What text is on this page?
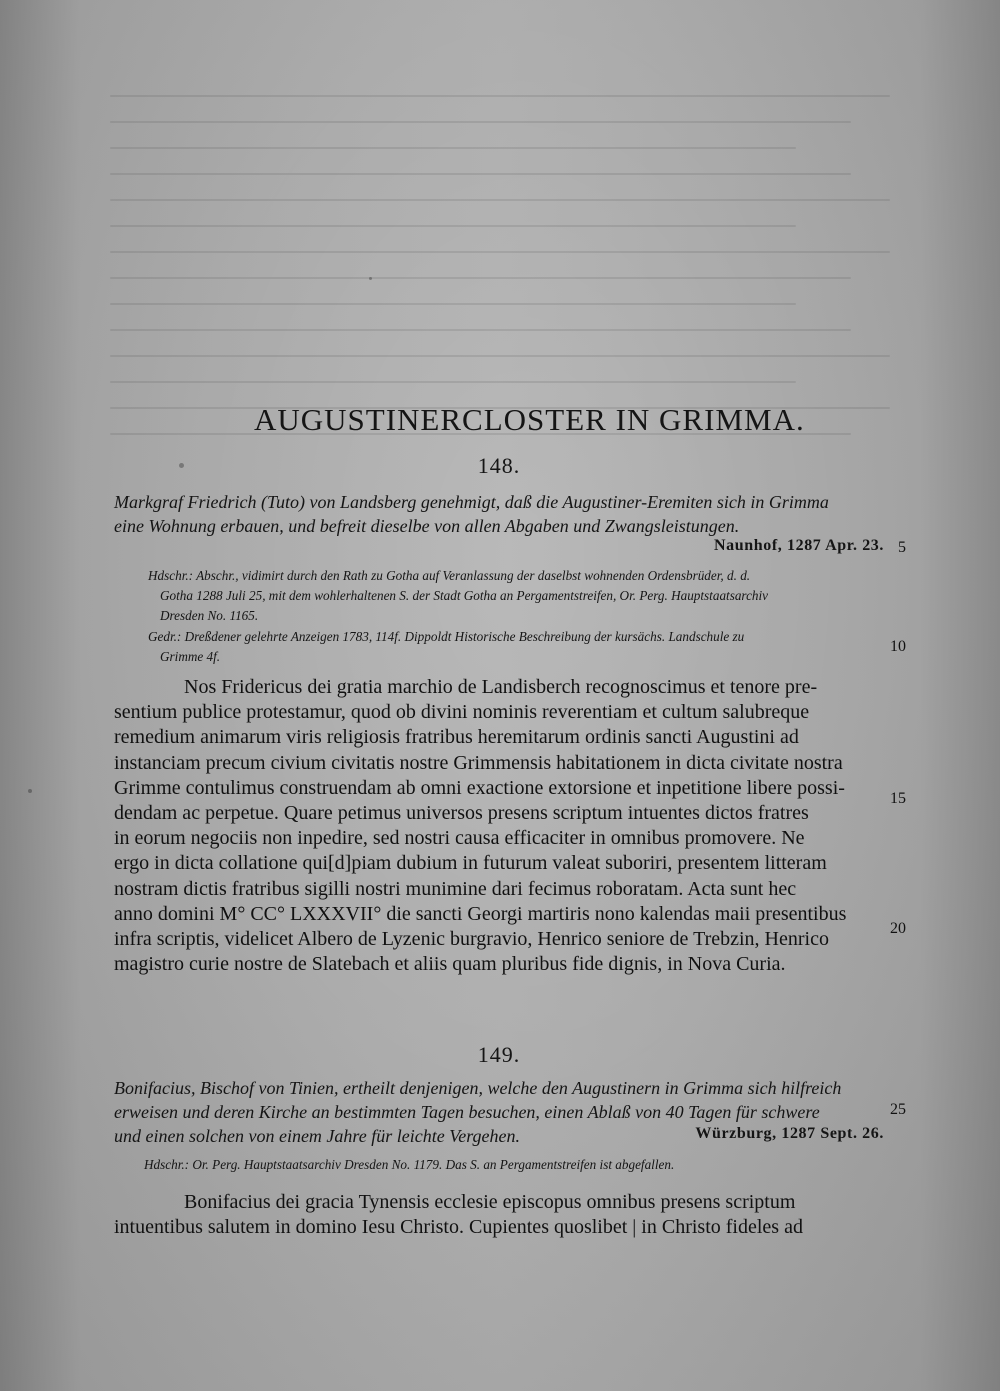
AUGUSTINERCLOSTER IN GRIMMA.
148.
Markgraf Friedrich (Tuto) von Landsberg genehmigt, daß die Augustiner-Eremiten sich in Grimma
eine Wohnung erbauen, und befreit dieselbe von allen Abgaben und Zwangsleistungen.
Naunhof, 1287 Apr. 23.
Hdschr.: Abschr., vidimirt durch den Rath zu Gotha auf Veranlassung der daselbst wohnenden Ordensbrüder, d. d.
Gotha 1288 Juli 25, mit dem wohlerhaltenen S. der Stadt Gotha an Pergamentstreifen, Or. Perg. Hauptstaatsarchiv
Dresden No. 1165.
Gedr.: Dreßdener gelehrte Anzeigen 1783, 114f. Dippoldt Historische Beschreibung der kursächs. Landschule zu
Grimme 4f.
Nos Fridericus dei gratia marchio de Landisberch recognoscimus et tenore pre-
sentium publice protestamur, quod ob divini nominis reverentiam et cultum salubreque
remedium animarum viris religiosis fratribus heremitarum ordinis sancti Augustini ad
instanciam precum civium civitatis nostre Grimmensis habitationem in dicta civitate nostra
Grimme contulimus construendam ab omni exactione extorsione et inpetitione libere possi-
dendam ac perpetue. Quare petimus universos presens scriptum intuentes dictos fratres
in eorum negociis non inpedire, sed nostri causa efficaciter in omnibus promovere. Ne
ergo in dicta collatione qui[d]piam dubium in futurum valeat suboriri, presentem litteram
nostram dictis fratribus sigilli nostri munimine dari fecimus roboratam. Acta sunt hec
anno domini M° CC° LXXXVII° die sancti Georgi martiris nono kalendas maii presentibus
infra scriptis, videlicet Albero de Lyzenic burgravio, Henrico seniore de Trebzin, Henrico
magistro curie nostre de Slatebach et aliis quam pluribus fide dignis, in Nova Curia.
149.
Bonifacius, Bischof von Tinien, ertheilt denjenigen, welche den Augustinern in Grimma sich hilfreich
erweisen und deren Kirche an bestimmten Tagen besuchen, einen Ablaß von 40 Tagen für schwere
und einen solchen von einem Jahre für leichte Vergehen.	Würzburg, 1287 Sept. 26.
Hdschr.: Or. Perg. Hauptstaatsarchiv Dresden No. 1179. Das S. an Pergamentstreifen ist abgefallen.
Bonifacius dei gracia Tynensis ecclesie episcopus omnibus presens scriptum
intuentibus salutem in domino Iesu Christo. Cupientes quoslibet | in Christo fideles ad
5
10
15
20
25
